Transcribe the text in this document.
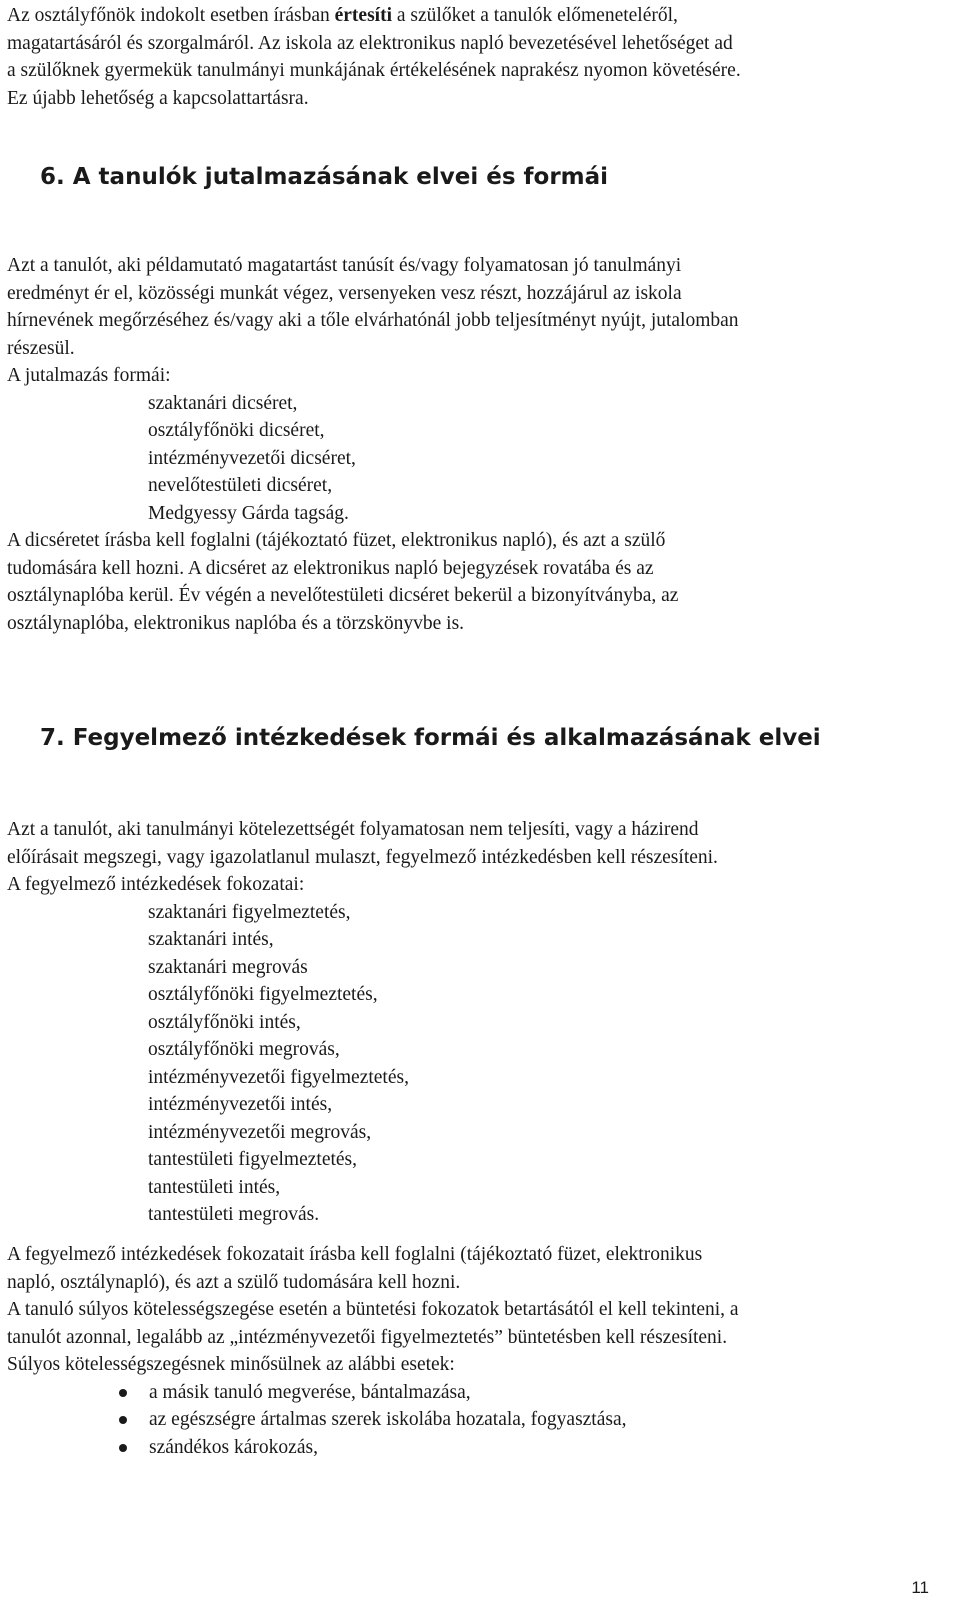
Az osztályfőnök indokolt esetben írásban értesíti a szülőket a tanulók előmeneteléről,

magatartásáról és szorgalmáról. Az iskola az elektronikus napló bevezetésével lehetőséget ad

a szülőknek gyermekük tanulmányi munkájának értékelésének naprakész nyomon követésére.

Ez újabb lehetőség a kapcsolattartásra.

6. A tanulók jutalmazásának elvei és formái

Azt a tanulót, aki példamutató magatartást tanúsít és/vagy folyamatosan jó tanulmányi

eredményt ér el, közösségi munkát végez, versenyeken vesz részt, hozzájárul az iskola

hírnevének megőrzéséhez és/vagy aki a tőle elvárhatónál jobb teljesítményt nyújt, jutalomban

részesül.

A jutalmazás formái:
szaktanári dicséret,
osztályfőnöki dicséret,
intézményvezetői dicséret,
nevelőtestületi dicséret,
Medgyessy Gárda tagság.

A dicséretet írásba kell foglalni (tájékoztató füzet, elektronikus napló), és azt a szülő

tudomására kell hozni. A dicséret az elektronikus napló bejegyzések rovatába és az

osztálynaplóba kerül. Év végén a nevelőtestületi dicséret bekerül a bizonyítványba, az

osztálynaplóba, elektronikus naplóba és a törzskönyvbe is.

7. Fegyelmező intézkedések formái és alkalmazásának elvei

Azt a tanulót, aki tanulmányi kötelezettségét folyamatosan nem teljesíti, vagy a házirend

előírásait megszegi, vagy igazolatlanul mulaszt, fegyelmező intézkedésben kell részesíteni.

A fegyelmező intézkedések fokozatai:
szaktanári figyelmeztetés,
szaktanári intés,
szaktanári megrovás
osztályfőnöki figyelmeztetés,
osztályfőnöki intés,
osztályfőnöki megrovás,
intézményvezetői figyelmeztetés,
intézményvezetői intés,
intézményvezetői megrovás,
tantestületi figyelmeztetés,
tantestületi intés,
tantestületi megrovás.

A fegyelmező intézkedések fokozatait írásba kell foglalni (tájékoztató füzet, elektronikus

napló, osztálynapló), és azt a szülő tudomására kell hozni.

A tanuló súlyos kötelességszegése esetén a büntetési fokozatok betartásától el kell tekinteni, a

tanulót azonnal, legalább az „intézményvezetői figyelmeztetés” büntetésben kell részesíteni.

Súlyos kötelességszegésnek minősülnek az alábbi esetek:
a másik tanuló megverése, bántalmazása,
az egészségre ártalmas szerek iskolába hozatala, fogyasztása,
szándékos károkozás,
11
